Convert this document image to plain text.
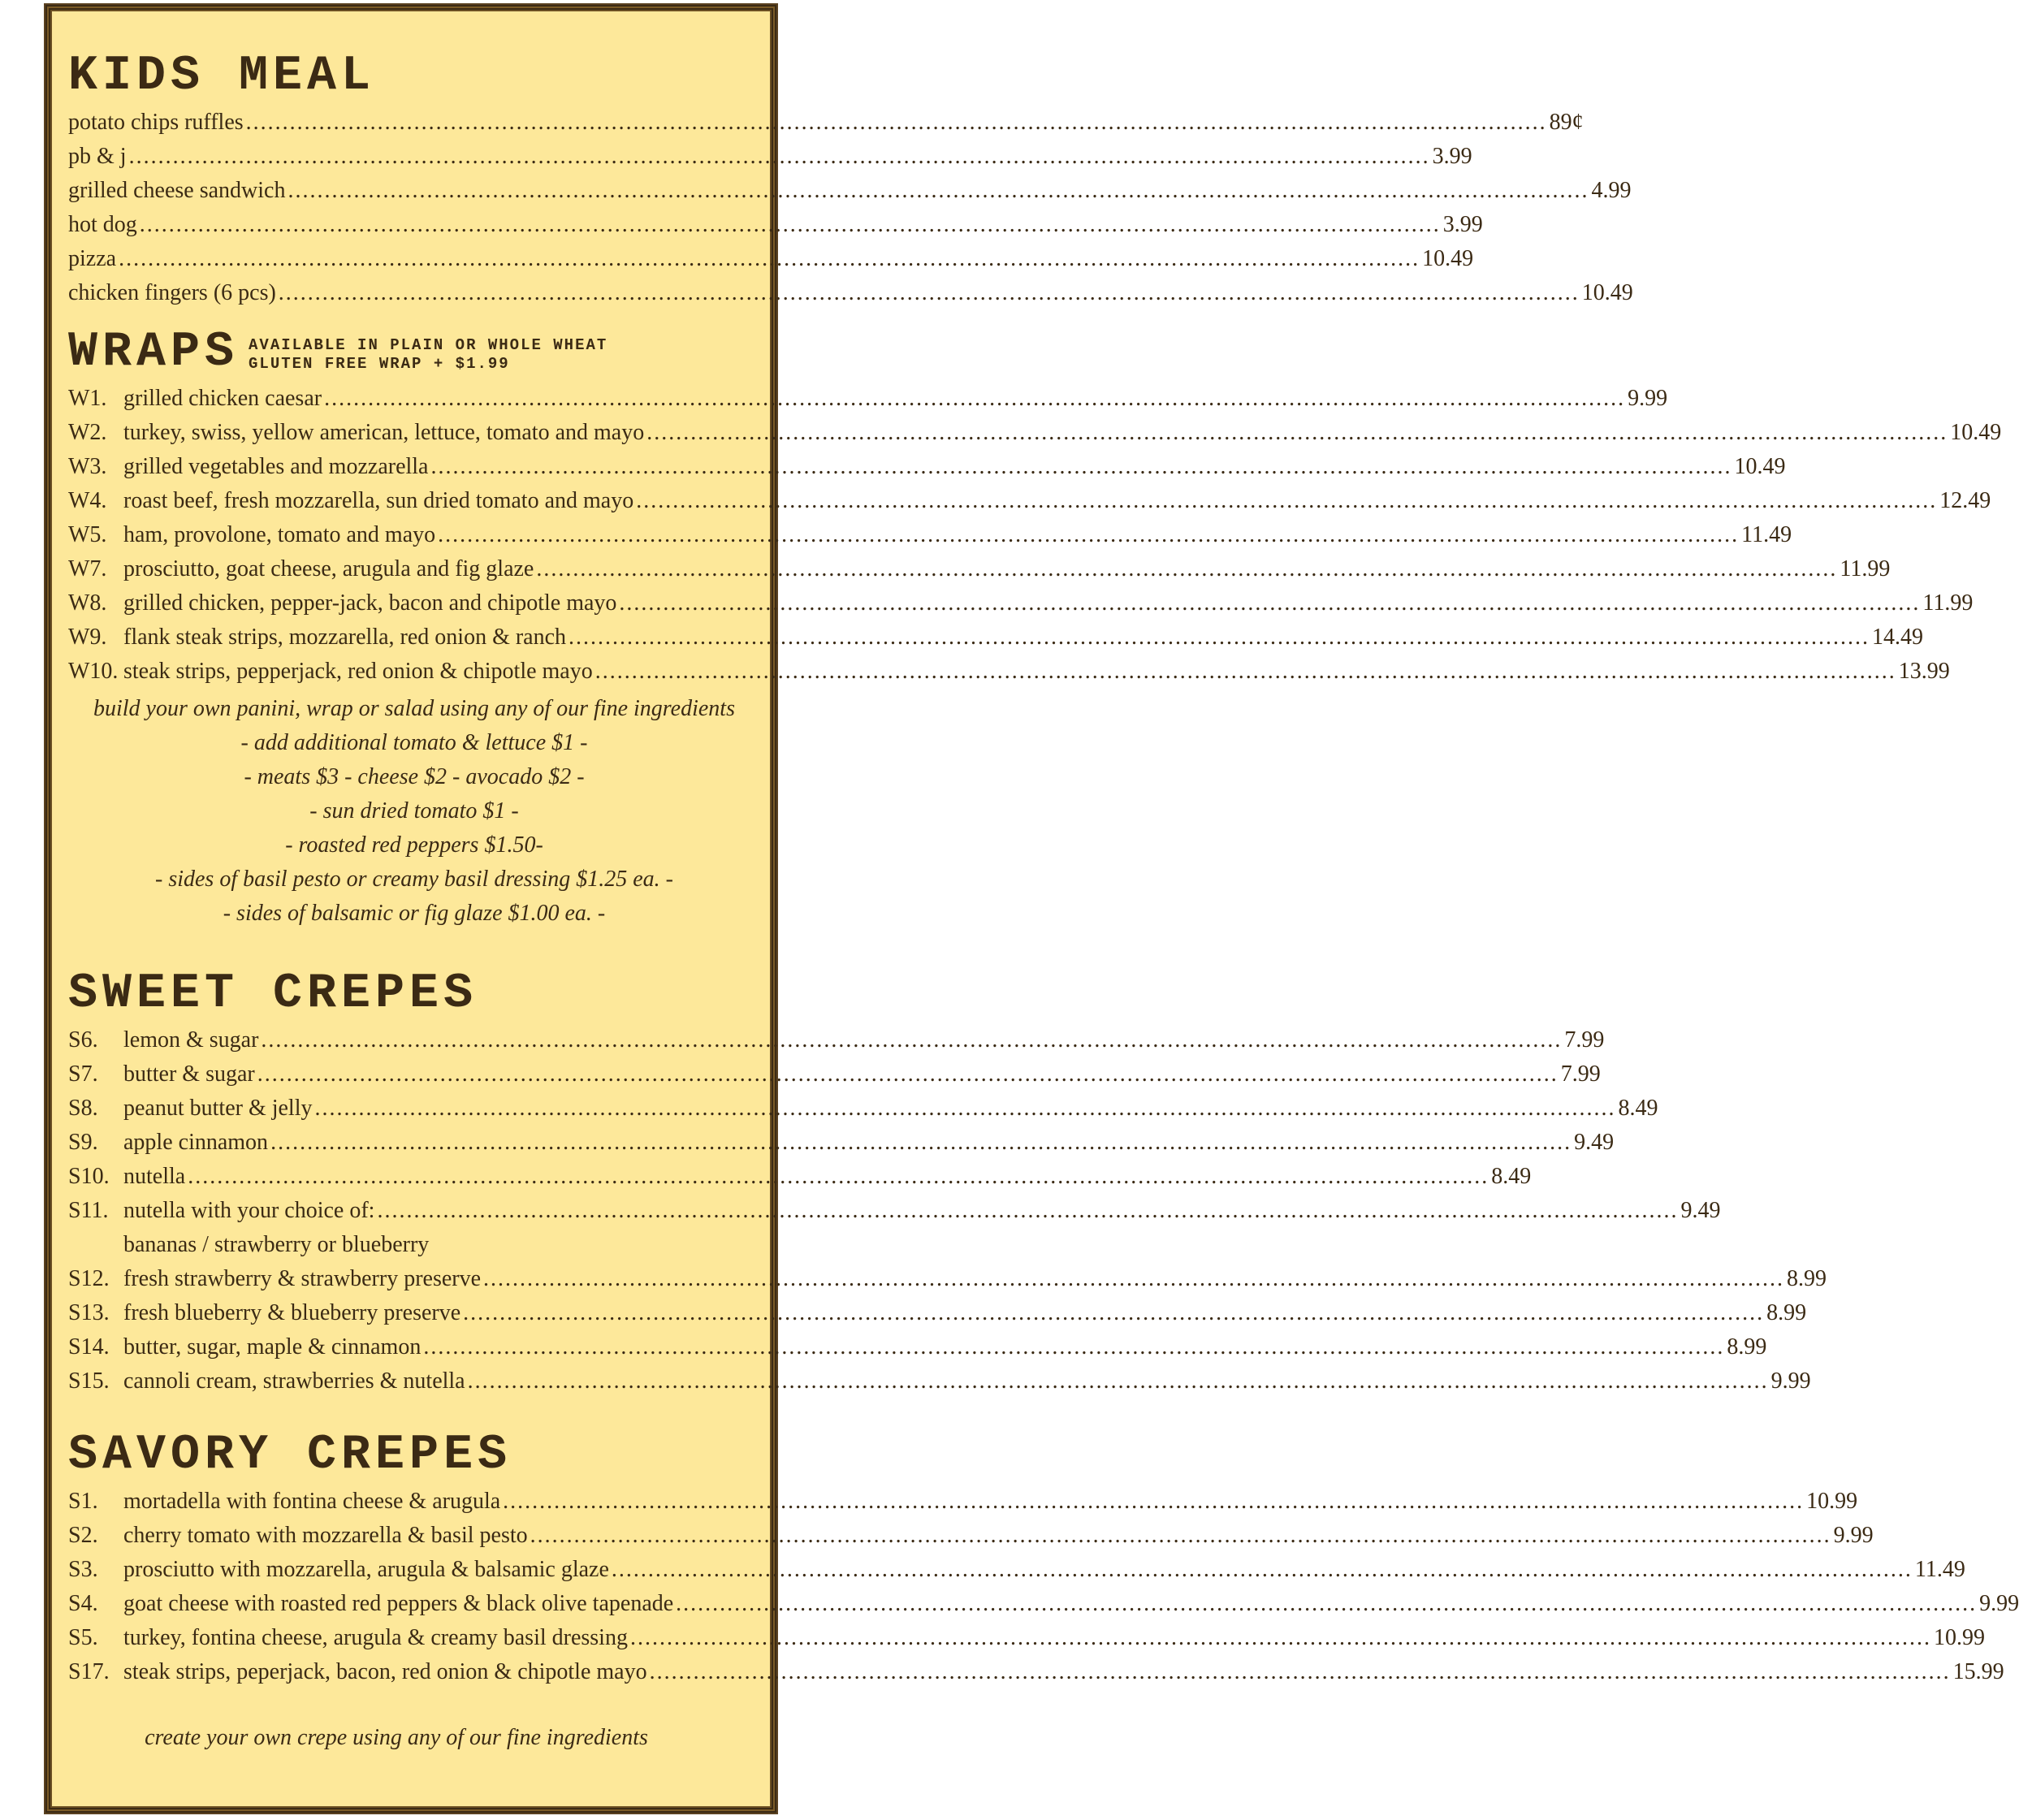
KIDS MEAL
potato chips ruffles .....	89¢
pb & j .....	3.99
grilled cheese sandwich .....	4.99
hot dog .....	3.99
pizza .....	10.49
chicken fingers (6 pcs) .....	10.49
WRAPS AVAILABLE IN PLAIN OR WHOLE WHEAT
GLUTEN FREE WRAP + $1.99
W1. grilled chicken caesar .....	9.99
W2. turkey, swiss, yellow american, lettuce, tomato and mayo .....	10.49
W3. grilled vegetables and mozzarella .....	10.49
W4. roast beef, fresh mozzarella, sun dried tomato and mayo .....	12.49
W5. ham, provolone, tomato and mayo .....	11.49
W7. prosciutto, goat cheese, arugula and fig glaze .....	11.99
W8. grilled chicken, pepper-jack, bacon and chipotle mayo .....	11.99
W9. flank steak strips, mozzarella, red onion & ranch .....	14.49
W10. steak strips, pepperjack, red onion & chipotle mayo .....	13.99
build your own panini, wrap or salad using any of our fine ingredients
- add additional tomato & lettuce $1 -
- meats $3 - cheese $2 - avocado $2 -
- sun dried tomato $1 -
- roasted red peppers $1.50-
- sides of basil pesto or creamy basil dressing $1.25 ea. -
- sides of balsamic or fig glaze $1.00 ea. -
SWEET CREPES
S6.	lemon & sugar .....	7.99
S7.	butter & sugar .....	7.99
S8.	peanut butter & jelly .....	8.49
S9.	apple cinnamon .....	9.49
S10. nutella .....	8.49
S11. nutella with your choice of: .....	9.49
bananas / strawberry or blueberry
S12. fresh strawberry & strawberry preserve .....	8.99
S13. fresh blueberry & blueberry preserve .....	8.99
S14. butter, sugar, maple & cinnamon .....	8.99
S15. cannoli cream, strawberries & nutella .....	9.99
SAVORY CREPES
S1.	mortadella with fontina cheese & arugula .....	10.99
S2.	cherry tomato with mozzarella & basil pesto .....	9.99
S3.	prosciutto with mozzarella, arugula & balsamic glaze .....	11.49
S4.	goat cheese with roasted red peppers & black olive tapenade .....	9.99
S5.	turkey, fontina cheese, arugula & creamy basil dressing .....	10.99
S17. steak strips, peperjack, bacon, red onion & chipotle mayo .....	15.99
create your own crepe using any of our fine ingredients
